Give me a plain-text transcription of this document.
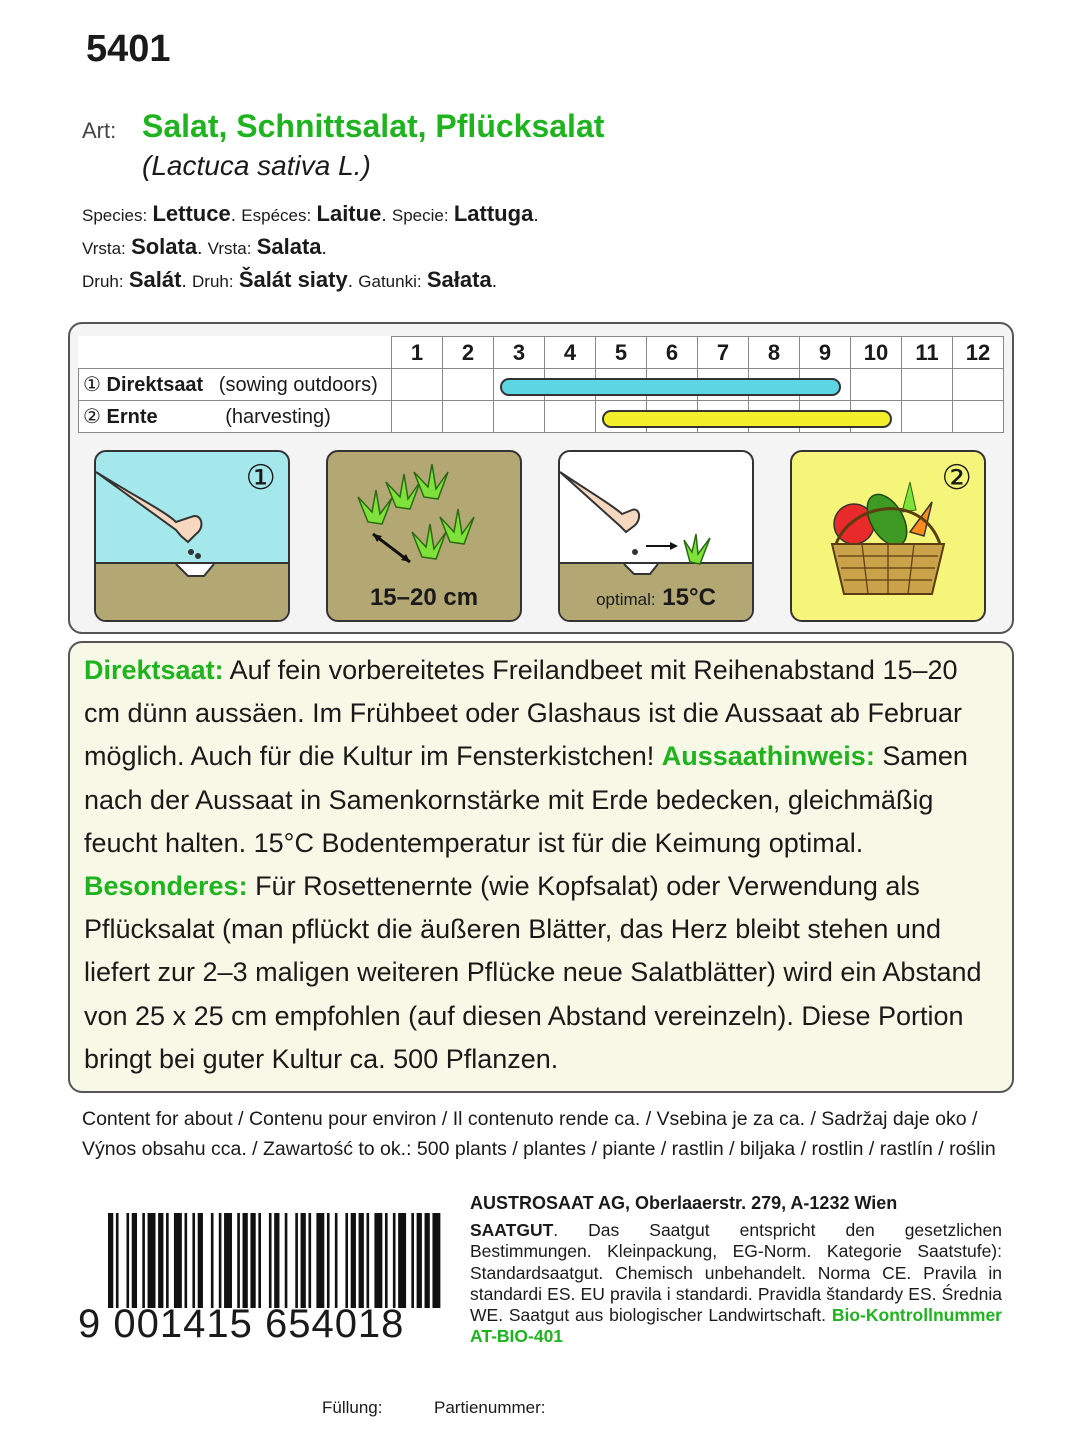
5401
Art: Salat, Schnittsalat, Pflücksalat
(Lactuca sativa L.)
Species: Lettuce. Espéces: Laitue. Specie: Lattuga.
Vrsta: Solata. Vrsta: Salata.
Druh: Salát. Druh: Šalát siaty. Gatunki: Sałata.
	1	2	3	4	5	6	7	8	9	10	11	12
① Direktsaat (sowing outdoors)												
② Ernte (harvesting)												
①
15–20 cm	optimal: 15°C
②

Direktsaat: Auf fein vorbereitetes Freilandbeet mit Reihenabstand 15–20 cm dünn aussäen. Im Frühbeet oder Glashaus ist die Aussaat ab Februar möglich. Auch für die Kultur im Fensterkistchen! Aussaathinweis: Samen nach der Aussaat in Samenkornstärke mit Erde bedecken, gleichmäßig feucht halten. 15°C Bodentemperatur ist für die Keimung optimal.
Besonderes: Für Rosettenernte (wie Kopfsalat) oder Verwendung als Pflücksalat (man pflückt die äußeren Blätter, das Herz bleibt stehen und liefert zur 2–3 maligen weiteren Pflücke neue Salatblätter) wird ein Abstand von 25 x 25 cm empfohlen (auf diesen Abstand vereinzeln). Diese Portion bringt bei guter Kultur ca. 500 Pflanzen.

Content for about / Contenu pour environ / Il contenuto rende ca. / Vsebina je za ca. / Sadržaj daje oko /
Výnos obsahu cca. / Zawartość to ok.: 500 plants / plantes / piante / rastlin / biljaka / rostlin / rastlín / roślin
9 001415 654018
AUSTROSAAT AG, Oberlaaerstr. 279, A-1232 Wien
SAATGUT. Das Saatgut entspricht den gesetzlichen Bestimmungen. Kleinpackung, EG-Norm. Kategorie Saatstufe): Standardsaatgut. Chemisch unbehandelt. Norma CE. Pravila in standardi ES. EU pravila i standardi. Pravidla štandardy ES. Średnia WE. Saatgut aus biologischer Landwirtschaft. Bio-Kontrollnummer AT-BIO-401
Füllung:	Partienummer:
